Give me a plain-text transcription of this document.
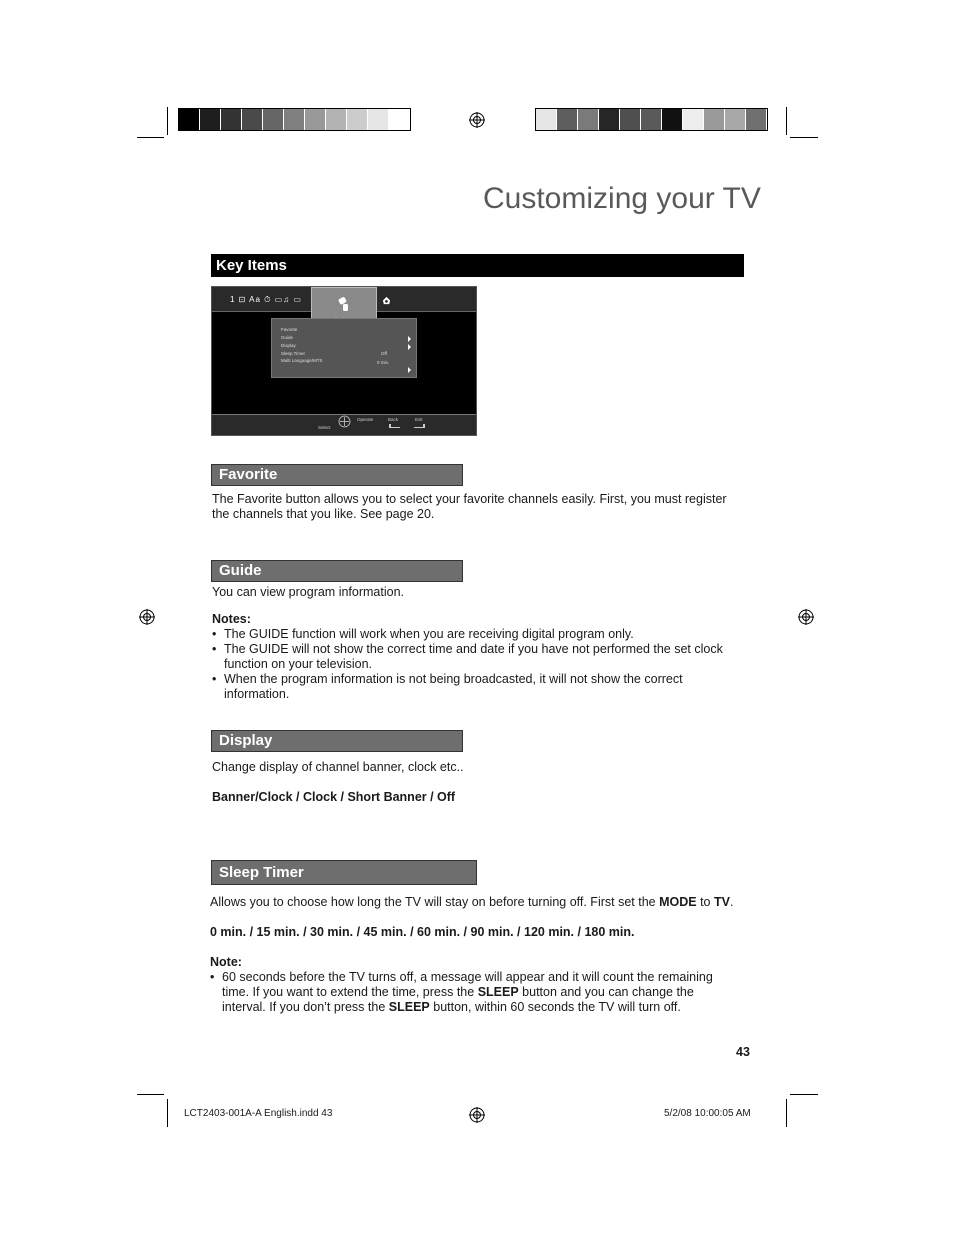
Customizing your TV
Key Items
1 ⊡ Aa ⏱ ▭♫ ▭
Favorite
Guide
Display
Sleep Timer
Multi Language/MTS
Off
0 min.
Operate
Select
Back	Exit
Favorite
The Favorite button allows you to select your favorite channels easily. First, you must register the channels that you like. See page 20.
Guide
You can view program information.
Notes:
• The GUIDE function will work when you are receiving digital program only.
• The GUIDE will not show the correct time and date if you have not performed the set clock function on your television.
• When the program information is not being broadcasted, it will not show the correct information.
Display
Change display of channel banner, clock etc..
Banner/Clock / Clock / Short Banner / Off
Sleep Timer
Allows you to choose how long the TV will stay on before turning off. First set the MODE to TV.
0 min. / 15 min. / 30 min. / 45 min. / 60 min. / 90 min. / 120 min. / 180 min.
Note:
• 60 seconds before the TV turns off, a message will appear and it will count the remaining time. If you want to extend the time, press the SLEEP button and you can change the interval. If you don’t press the SLEEP button, within 60 seconds the TV will turn off.
43
LCT2403-001A-A English.indd 43	5/2/08 10:00:05 AM
